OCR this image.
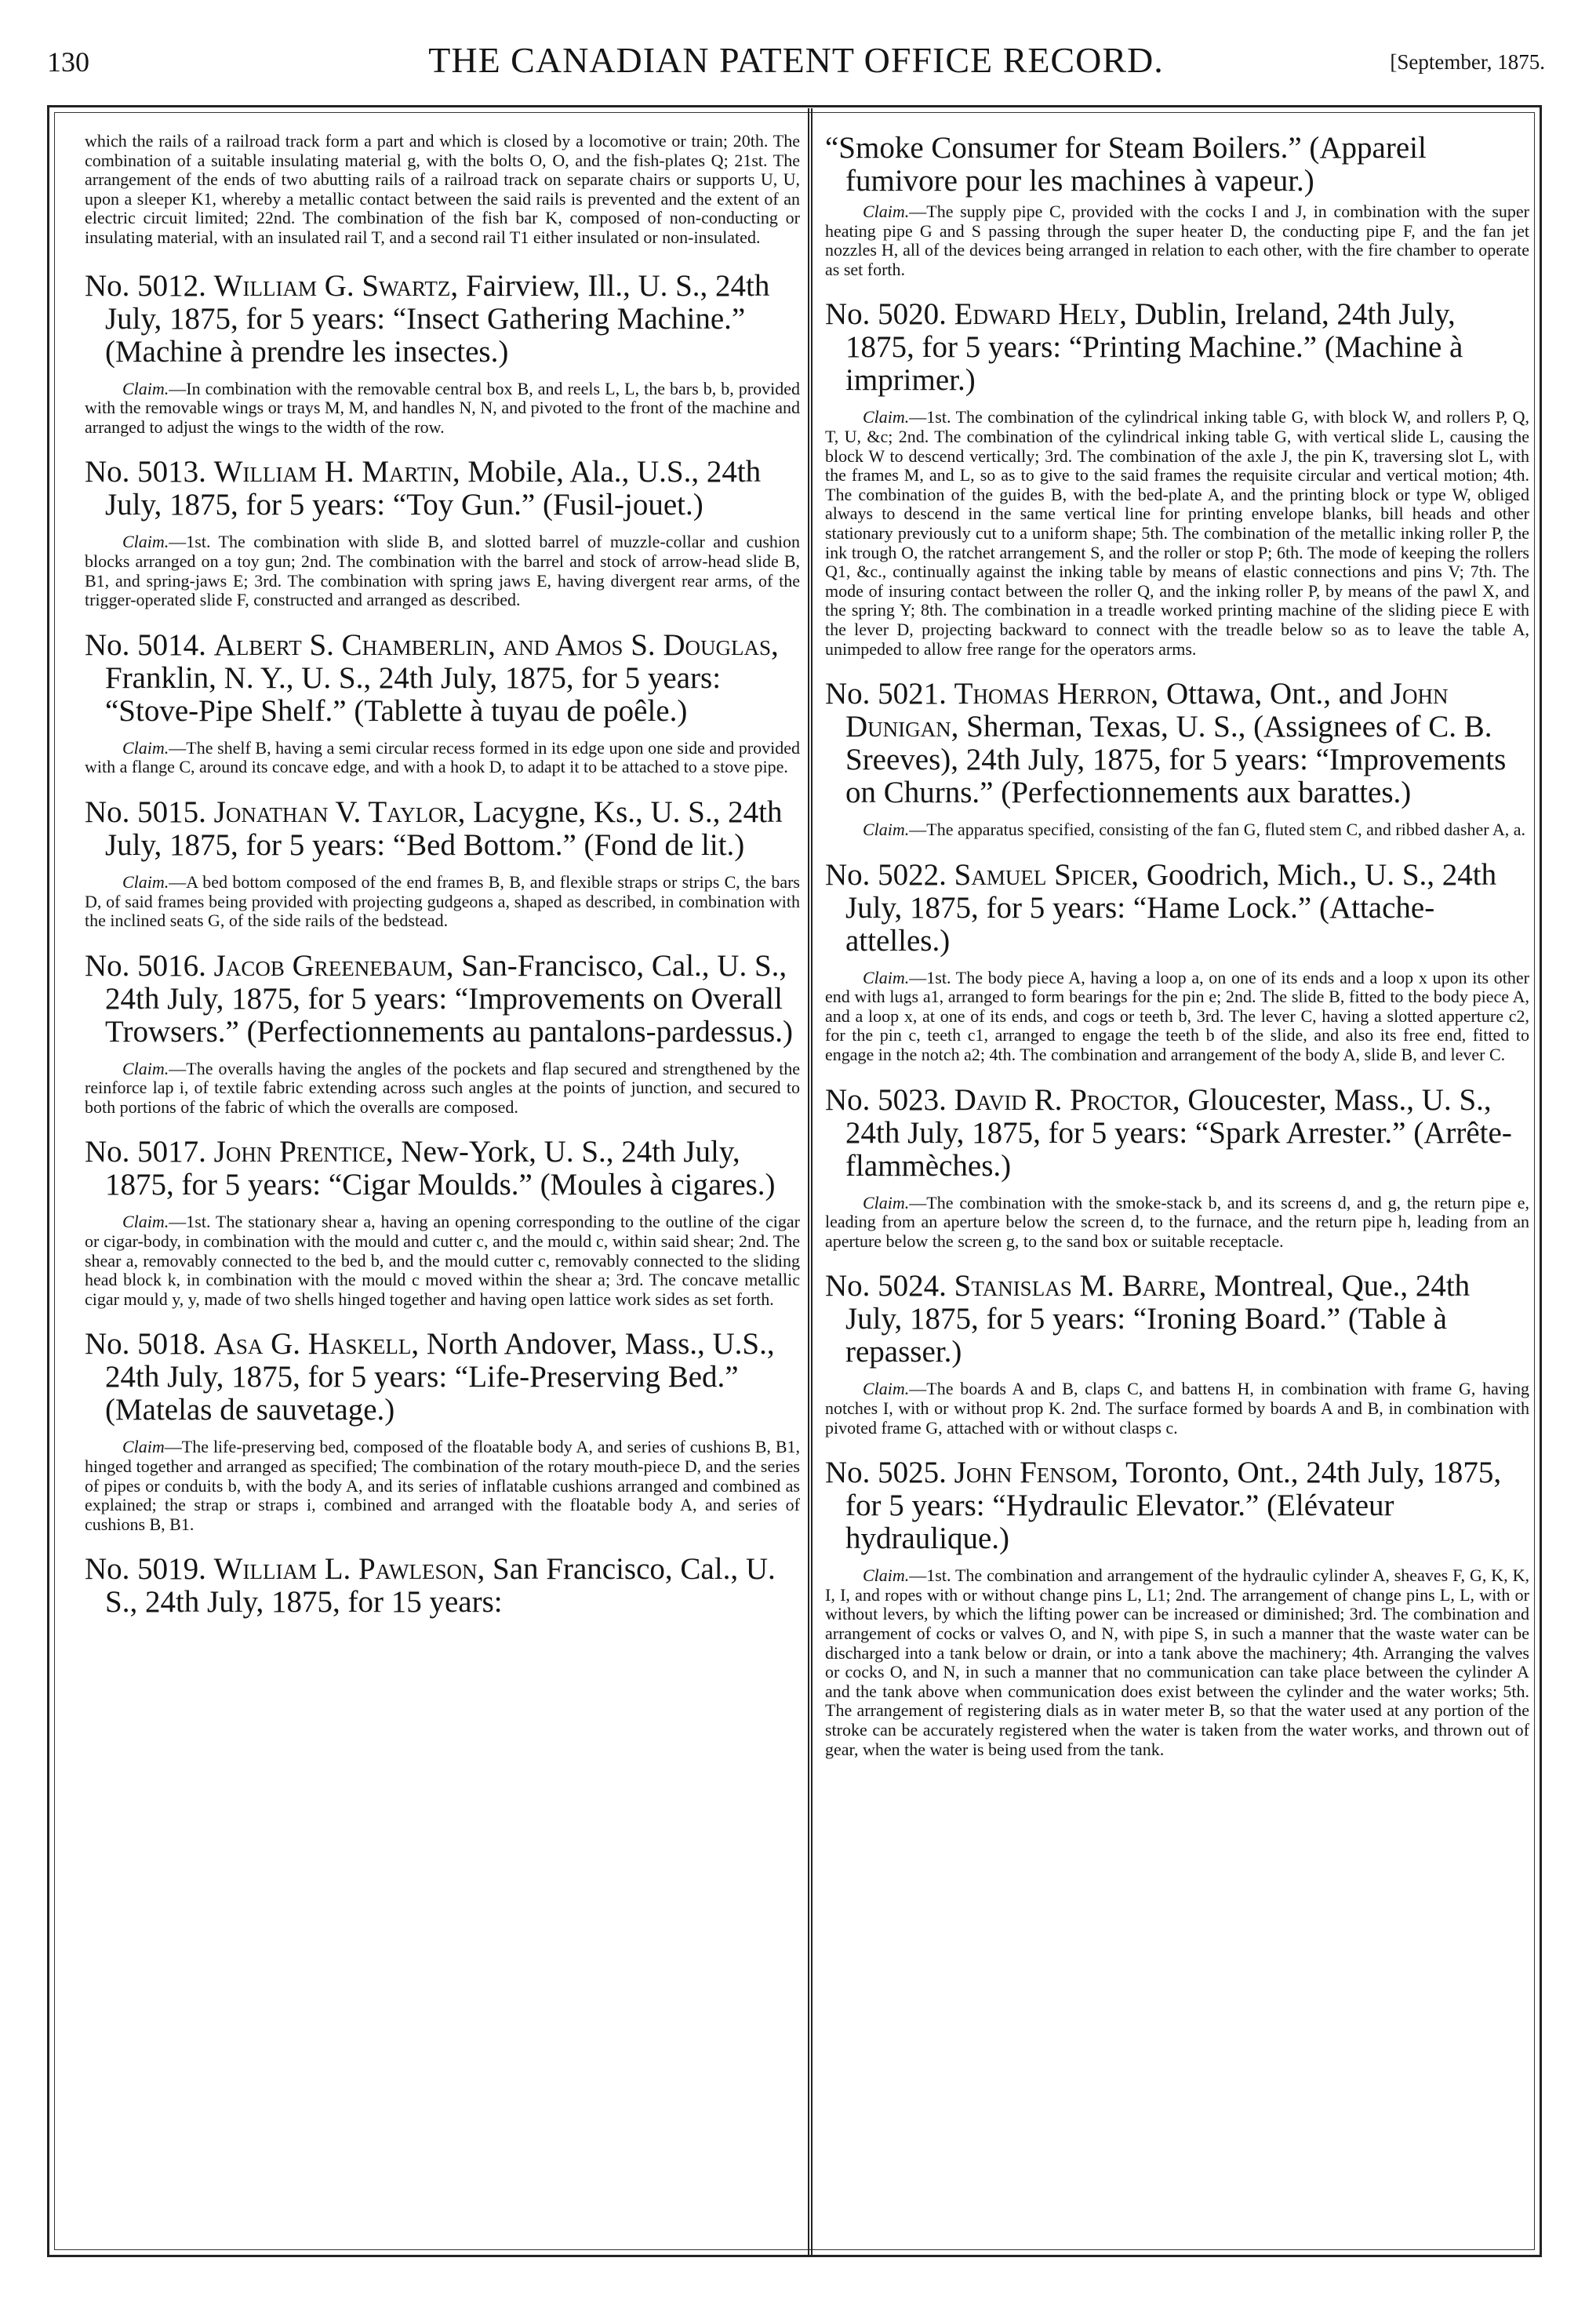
130	THE CANADIAN PATENT OFFICE RECORD.	[September, 1875.

which the rails of a railroad track form a part and which is closed by a locomotive or train; 20th. The combination of a suitable insulating material g, with the bolts O, O, and the fish-plates Q; 21st. The arrangement of the ends of two abutting rails of a railroad track on separate chairs or supports U, U, upon a sleeper K1, whereby a metallic contact between the said rails is prevented and the extent of an electric circuit limited; 22nd. The combination of the fish bar K, composed of non-conducting or insulating material, with an insulated rail T, and a second rail T1 either insulated or non-insulated.

No. 5012. William G. Swartz, Fairview, Ill., U. S., 24th July, 1875, for 5 years: “Insect Gathering Machine.” (Machine à prendre les insectes.)

Claim.—In combination with the removable central box B, and reels L, L, the bars b, b, provided with the removable wings or trays M, M, and handles N, N, and pivoted to the front of the machine and arranged to adjust the wings to the width of the row.

No. 5013. William H. Martin, Mobile, Ala., U.S., 24th July, 1875, for 5 years: “Toy Gun.” (Fusil-jouet.)

Claim.—1st. The combination with slide B, and slotted barrel of muzzle-collar and cushion blocks arranged on a toy gun; 2nd. The combination with the barrel and stock of arrow-head slide B, B1, and spring-jaws E; 3rd. The combination with spring jaws E, having divergent rear arms, of the trigger-operated slide F, constructed and arranged as described.

No. 5014. Albert S. Chamberlin, and Amos S. Douglas, Franklin, N. Y., U. S., 24th July, 1875, for 5 years: “Stove-Pipe Shelf.” (Tablette à tuyau de poêle.)

Claim.—The shelf B, having a semi circular recess formed in its edge upon one side and provided with a flange C, around its concave edge, and with a hook D, to adapt it to be attached to a stove pipe.

No. 5015. Jonathan V. Taylor, Lacygne, Ks., U. S., 24th July, 1875, for 5 years: “Bed Bottom.” (Fond de lit.)

Claim.—A bed bottom composed of the end frames B, B, and flexible straps or strips C, the bars D, of said frames being provided with projecting gudgeons a, shaped as described, in combination with the inclined seats G, of the side rails of the bedstead.

No. 5016. Jacob Greenebaum, San-Francisco, Cal., U. S., 24th July, 1875, for 5 years: “Improvements on Overall Trowsers.” (Perfectionnements au pantalons-pardessus.)

Claim.—The overalls having the angles of the pockets and flap secured and strengthened by the reinforce lap i, of textile fabric extending across such angles at the points of junction, and secured to both portions of the fabric of which the overalls are composed.

No. 5017. John Prentice, New-York, U. S., 24th July, 1875, for 5 years: “Cigar Moulds.” (Moules à cigares.)

Claim.—1st. The stationary shear a, having an opening corresponding to the outline of the cigar or cigar-body, in combination with the mould and cutter c, and the mould c, within said shear; 2nd. The shear a, removably connected to the bed b, and the mould cutter c, removably connected to the sliding head block k, in combination with the mould c moved within the shear a; 3rd. The concave metallic cigar mould y, y, made of two shells hinged together and having open lattice work sides as set forth.

No. 5018. Asa G. Haskell, North Andover, Mass., U.S., 24th July, 1875, for 5 years: “Life-Preserving Bed.” (Matelas de sauvetage.)

Claim—The life-preserving bed, composed of the floatable body A, and series of cushions B, B1, hinged together and arranged as specified; The combination of the rotary mouth-piece D, and the series of pipes or conduits b, with the body A, and its series of inflatable cushions arranged and combined as explained; the strap or straps i, combined and arranged with the floatable body A, and series of cushions B, B1.

No. 5019. William L. Pawleson, San Francisco, Cal., U. S., 24th July, 1875, for 15 years:

“Smoke Consumer for Steam Boilers.” (Appareil fumivore pour les machines à vapeur.)

Claim.—The supply pipe C, provided with the cocks I and J, in combination with the super heating pipe G and S passing through the super heater D, the conducting pipe F, and the fan jet nozzles H, all of the devices being arranged in relation to each other, with the fire chamber to operate as set forth.

No. 5020. Edward Hely, Dublin, Ireland, 24th July, 1875, for 5 years: “Printing Machine.” (Machine à imprimer.)

Claim.—1st. The combination of the cylindrical inking table G, with block W, and rollers P, Q, T, U, &c; 2nd. The combination of the cylindrical inking table G, with vertical slide L, causing the block W to descend vertically; 3rd. The combination of the axle J, the pin K, traversing slot L, with the frames M, and L, so as to give to the said frames the requisite circular and vertical motion; 4th. The combination of the guides B, with the bed-plate A, and the printing block or type W, obliged always to descend in the same vertical line for printing envelope blanks, bill heads and other stationary previously cut to a uniform shape; 5th. The combination of the metallic inking roller P, the ink trough O, the ratchet arrangement S, and the roller or stop P; 6th. The mode of keeping the rollers Q1, &c., continually against the inking table by means of elastic connections and pins V; 7th. The mode of insuring contact between the roller Q, and the inking roller P, by means of the pawl X, and the spring Y; 8th. The combination in a treadle worked printing machine of the sliding piece E with the lever D, projecting backward to connect with the treadle below so as to leave the table A, unimpeded to allow free range for the operators arms.

No. 5021. Thomas Herron, Ottawa, Ont., and John Dunigan, Sherman, Texas, U. S., (Assignees of C. B. Sreeves), 24th July, 1875, for 5 years: “Improvements on Churns.” (Perfectionnements aux barattes.)

Claim.—The apparatus specified, consisting of the fan G, fluted stem C, and ribbed dasher A, a.

No. 5022. Samuel Spicer, Goodrich, Mich., U. S., 24th July, 1875, for 5 years: “Hame Lock.” (Attache-attelles.)

Claim.—1st. The body piece A, having a loop a, on one of its ends and a loop x upon its other end with lugs a1, arranged to form bearings for the pin e; 2nd. The slide B, fitted to the body piece A, and a loop x, at one of its ends, and cogs or teeth b, 3rd. The lever C, having a slotted apperture c2, for the pin c, teeth c1, arranged to engage the teeth b of the slide, and also its free end, fitted to engage in the notch a2; 4th. The combination and arrangement of the body A, slide B, and lever C.

No. 5023. David R. Proctor, Gloucester, Mass., U. S., 24th July, 1875, for 5 years: “Spark Arrester.” (Arrête-flammèches.)

Claim.—The combination with the smoke-stack b, and its screens d, and g, the return pipe e, leading from an aperture below the screen d, to the furnace, and the return pipe h, leading from an aperture below the screen g, to the sand box or suitable receptacle.

No. 5024. Stanislas M. Barre, Montreal, Que., 24th July, 1875, for 5 years: “Ironing Board.” (Table à repasser.)

Claim.—The boards A and B, claps C, and battens H, in combination with frame G, having notches I, with or without prop K. 2nd. The surface formed by boards A and B, in combination with pivoted frame G, attached with or without clasps c.

No. 5025. John Fensom, Toronto, Ont., 24th July, 1875, for 5 years: “Hydraulic Elevator.” (Elévateur hydraulique.)

Claim.—1st. The combination and arrangement of the hydraulic cylinder A, sheaves F, G, K, K, I, I, and ropes with or without change pins L, L1; 2nd. The arrangement of change pins L, L, with or without levers, by which the lifting power can be increased or diminished; 3rd. The combination and arrangement of cocks or valves O, and N, with pipe S, in such a manner that the waste water can be discharged into a tank below or drain, or into a tank above the machinery; 4th. Arranging the valves or cocks O, and N, in such a manner that no communication can take place between the cylinder A and the tank above when communication does exist between the cylinder and the water works; 5th. The arrangement of registering dials as in water meter B, so that the water used at any portion of the stroke can be accurately registered when the water is taken from the water works, and thrown out of gear, when the water is being used from the tank.
